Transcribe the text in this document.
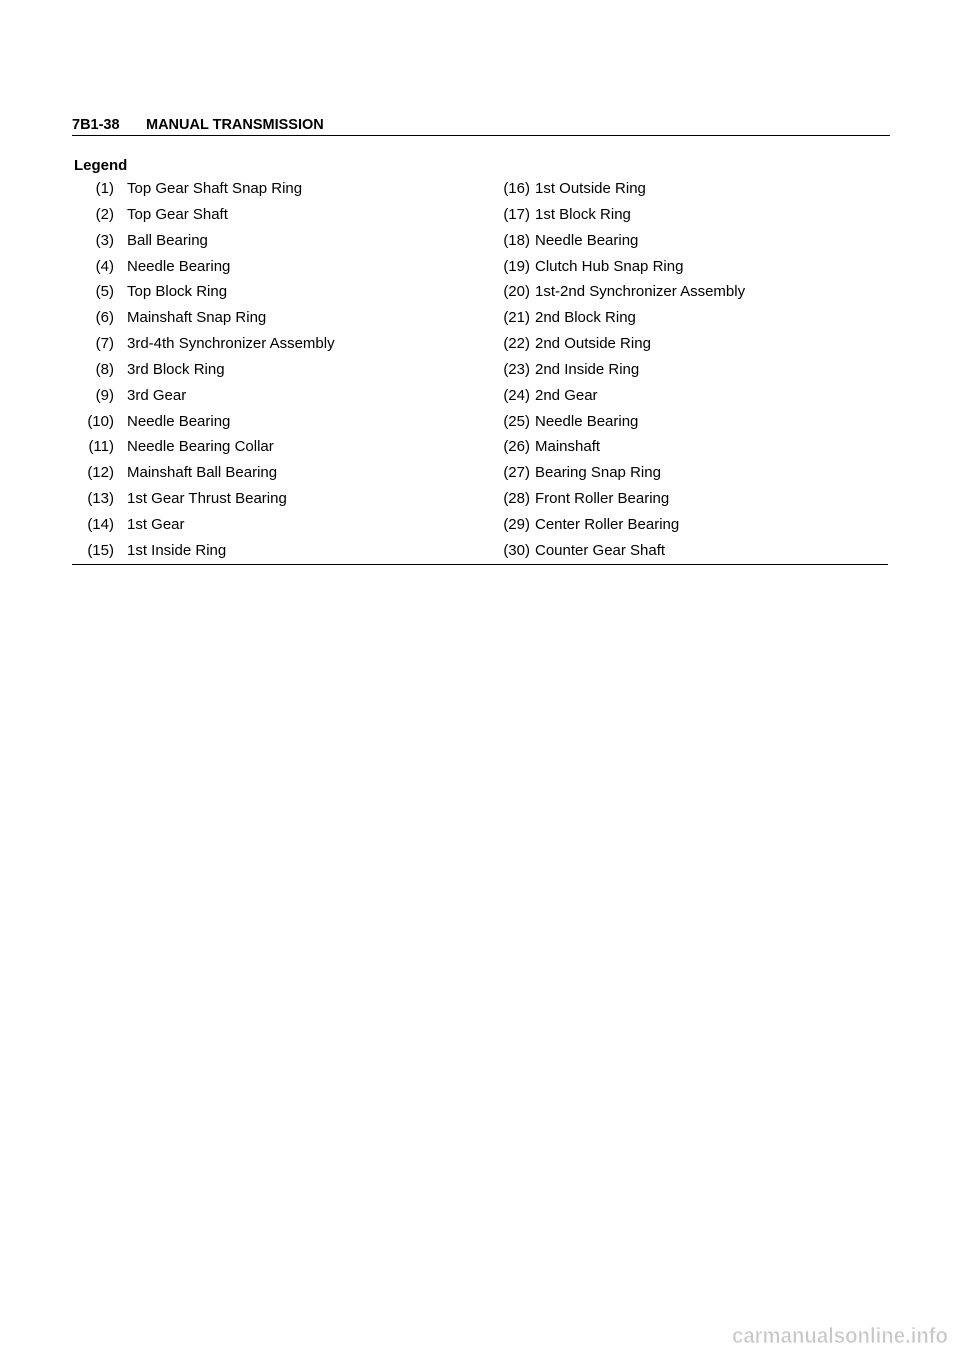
7B1-38 MANUAL TRANSMISSION
Legend
(1) Top Gear Shaft Snap Ring
(2) Top Gear Shaft
(3) Ball Bearing
(4) Needle Bearing
(5) Top Block Ring
(6) Mainshaft Snap Ring
(7) 3rd-4th Synchronizer Assembly
(8) 3rd Block Ring
(9) 3rd Gear
(10) Needle Bearing
(11) Needle Bearing Collar
(12) Mainshaft Ball Bearing
(13) 1st Gear Thrust Bearing
(14) 1st Gear
(15) 1st Inside Ring
(16) 1st Outside Ring
(17) 1st Block Ring
(18) Needle Bearing
(19) Clutch Hub Snap Ring
(20) 1st-2nd Synchronizer Assembly
(21) 2nd Block Ring
(22) 2nd Outside Ring
(23) 2nd Inside Ring
(24) 2nd Gear
(25) Needle Bearing
(26) Mainshaft
(27) Bearing Snap Ring
(28) Front Roller Bearing
(29) Center Roller Bearing
(30) Counter Gear Shaft
carmanualsonline.info
